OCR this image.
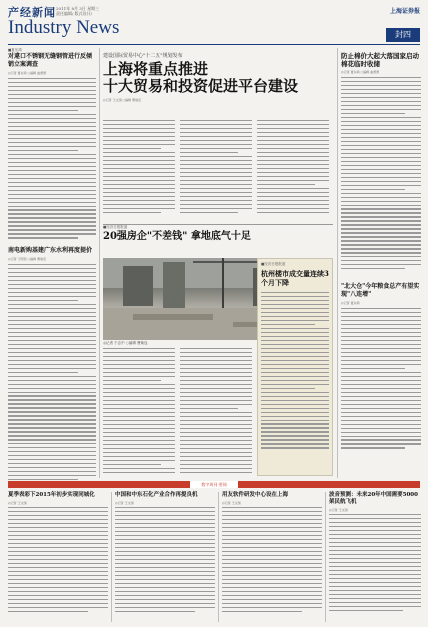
产经新闻 2011年 8月 3日 星期三
责任编辑/ 版式设计/
Industry News
上海证券报
封四
■夏东鸿
对違口不锈钢无缝钢管进行反倾销立案调查
◎记者 夏东鸿 ○编辑 曲源源
南电新购基建广东水利再度提价
◎记者 王明茹 ○编辑 曹焕连
建设国际贸易中心"十二五"规划发布
上海将重点推进
十大贸易和投资促进平台建设
◎记者 王文国 ○编辑 曹焕连
■经济日报报道
20强房企"不差钱" 拿地底气十足
◎记者 于志中 ○编辑 曹焕连
■经济日报报道
杭州楼市成交量连续3个月下降
防止棉价大起大落国家启动棉花临时收储
◎记者 夏东鸿 ○编辑 曲源源
"北大仓"今年粮食总产有望实现"八连增"
◎记者 夏东鸿
数字周刊·要闻
夏季表彩下2015年初步实现同城化
◎记者 王文国
中国和中东石化产业合作再提良机
◎记者 王文国
用友软件研发中心设在上海
◎记者 王文国
波音预测：未来20年中国需要5000架民航飞机
◎记者 王文国
